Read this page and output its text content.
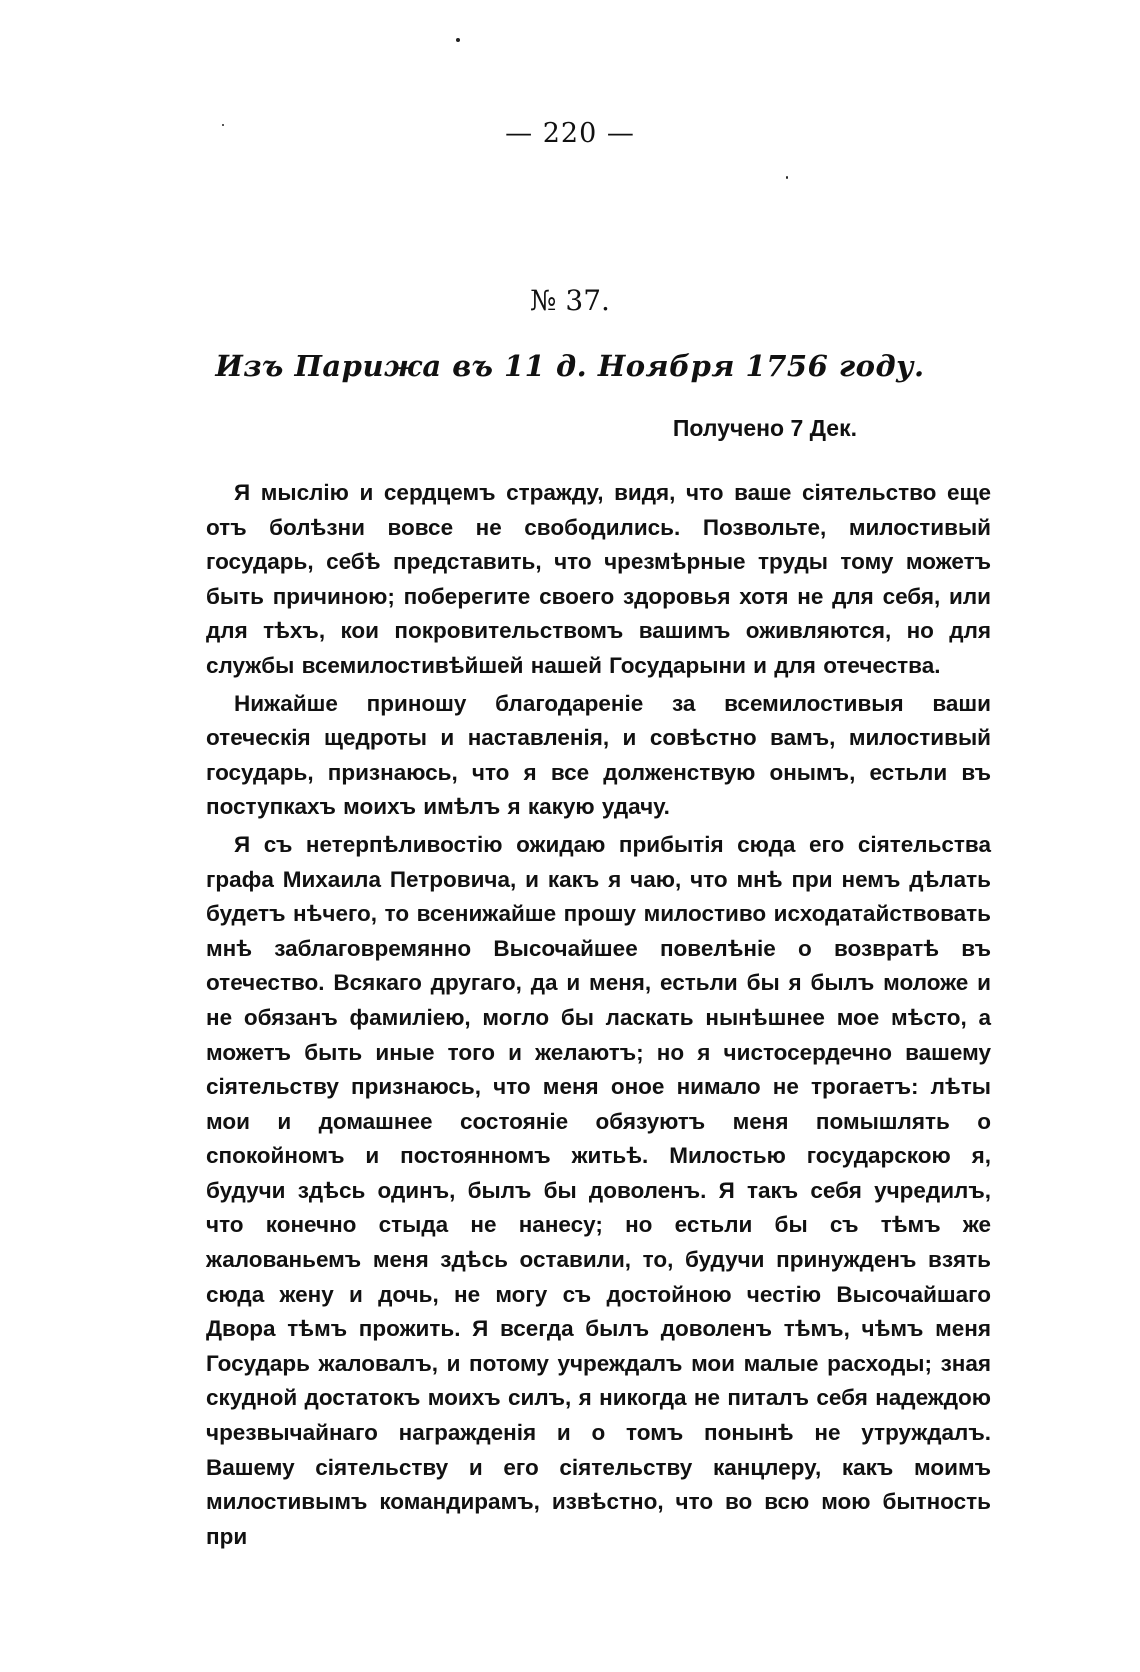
— 220 —
№ 37.
Изъ Парижа въ 11 д. Ноября 1756 году.
Получено 7 Дек.

Я мыслію и сердцемъ стражду, видя, что ваше сіятельство еще отъ болѣзни вовсе не свободились. Позвольте, милостивый государь, себѣ представить, что чрезмѣрные труды тому можетъ быть причиною; поберегите своего здоровья хотя не для себя, или для тѣхъ, кои покровительствомъ вашимъ оживляются, но для службы всемилостивѣйшей нашей Государыни и для отечества.

Нижайше приношу благодареніе за всемилостивыя ваши отеческія щедроты и наставленія, и совѣстно вамъ, милостивый государь, признаюсь, что я все долженствую онымъ, естьли въ поступкахъ моихъ имѣлъ я какую удачу.

Я съ нетерпѣливостію ожидаю прибытія сюда его сіятельства графа Михаила Петровича, и какъ я чаю, что мнѣ при немъ дѣлать будетъ нѣчего, то всенижайше прошу милостиво исходатайствовать мнѣ заблаговремянно Высочайшее повелѣніе о возвратѣ въ отечество. Всякаго другаго, да и меня, естьли бы я былъ моложе и не обязанъ фамиліею, могло бы ласкать нынѣшнее мое мѣсто, а можетъ быть иные того и желаютъ; но я чистосердечно вашему сіятельству признаюсь, что меня оное нимало не трогаетъ: лѣты мои и домашнее состояніе обязуютъ меня помышлять о спокойномъ и постоянномъ житьѣ. Милостью государскою я, будучи здѣсь одинъ, былъ бы доволенъ. Я такъ себя учредилъ, что конечно стыда не нанесу; но естьли бы съ тѣмъ же жалованьемъ меня здѣсь оставили, то, будучи принужденъ взять сюда жену и дочь, не могу съ достойною честію Высочайшаго Двора тѣмъ прожить. Я всегда былъ доволенъ тѣмъ, чѣмъ меня Государь жаловалъ, и потому учреждалъ мои малые расходы; зная скудной достатокъ моихъ силъ, я никогда не питалъ себя надеждою чрезвычайнаго награжденія и о томъ понынѣ не утруждалъ. Вашему сіятельству и его сіятельству канцлеру, какъ моимъ милостивымъ командирамъ, извѣстно, что во всю мою бытность при
